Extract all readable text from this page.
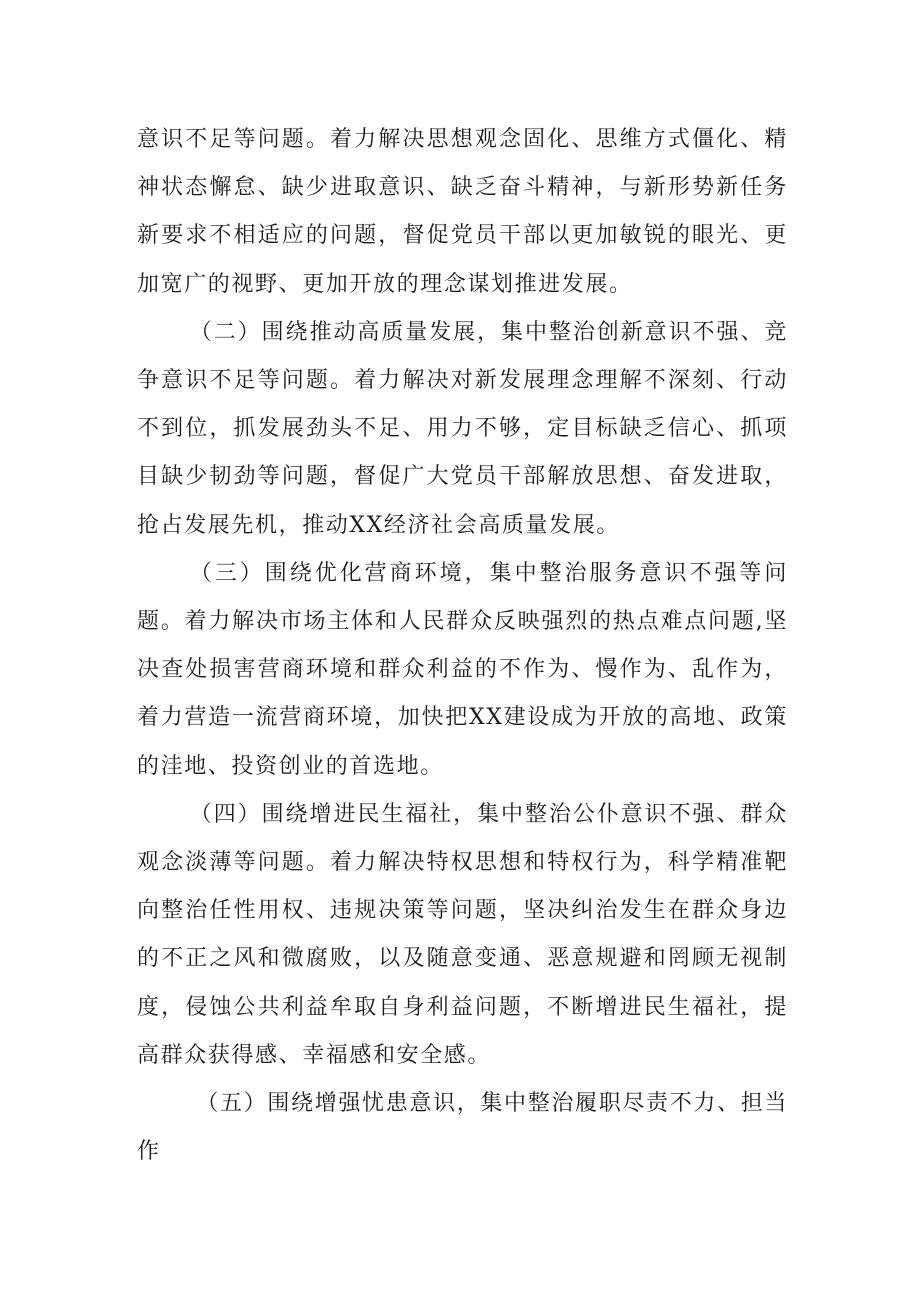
意识不足等问题。着力解决思想观念固化、思维方式僵化、精神状态懈怠、缺少进取意识、缺乏奋斗精神，与新形势新任务新要求不相适应的问题，督促党员干部以更加敏锐的眼光、更加宽广的视野、更加开放的理念谋划推进发展。

（二）围绕推动高质量发展，集中整治创新意识不强、竞争意识不足等问题。着力解决对新发展理念理解不深刻、行动不到位，抓发展劲头不足、用力不够，定目标缺乏信心、抓项目缺少韧劲等问题，督促广大党员干部解放思想、奋发进取，抢占发展先机，推动XX经济社会高质量发展。

（三）围绕优化营商环境，集中整治服务意识不强等问题。着力解决市场主体和人民群众反映强烈的热点难点问题,坚决查处损害营商环境和群众利益的不作为、慢作为、乱作为，着力营造一流营商环境，加快把XX建设成为开放的高地、政策的洼地、投资创业的首选地。

（四）围绕增进民生福社，集中整治公仆意识不强、群众观念淡薄等问题。着力解决特权思想和特权行为，科学精准靶向整治任性用权、违规决策等问题，坚决纠治发生在群众身边的不正之风和微腐败，以及随意变通、恶意规避和罔顾无视制度，侵蚀公共利益牟取自身利益问题，不断增进民生福社，提高群众获得感、幸福感和安全感。

（五）围绕增强忧患意识，集中整治履职尽责不力、担当作
